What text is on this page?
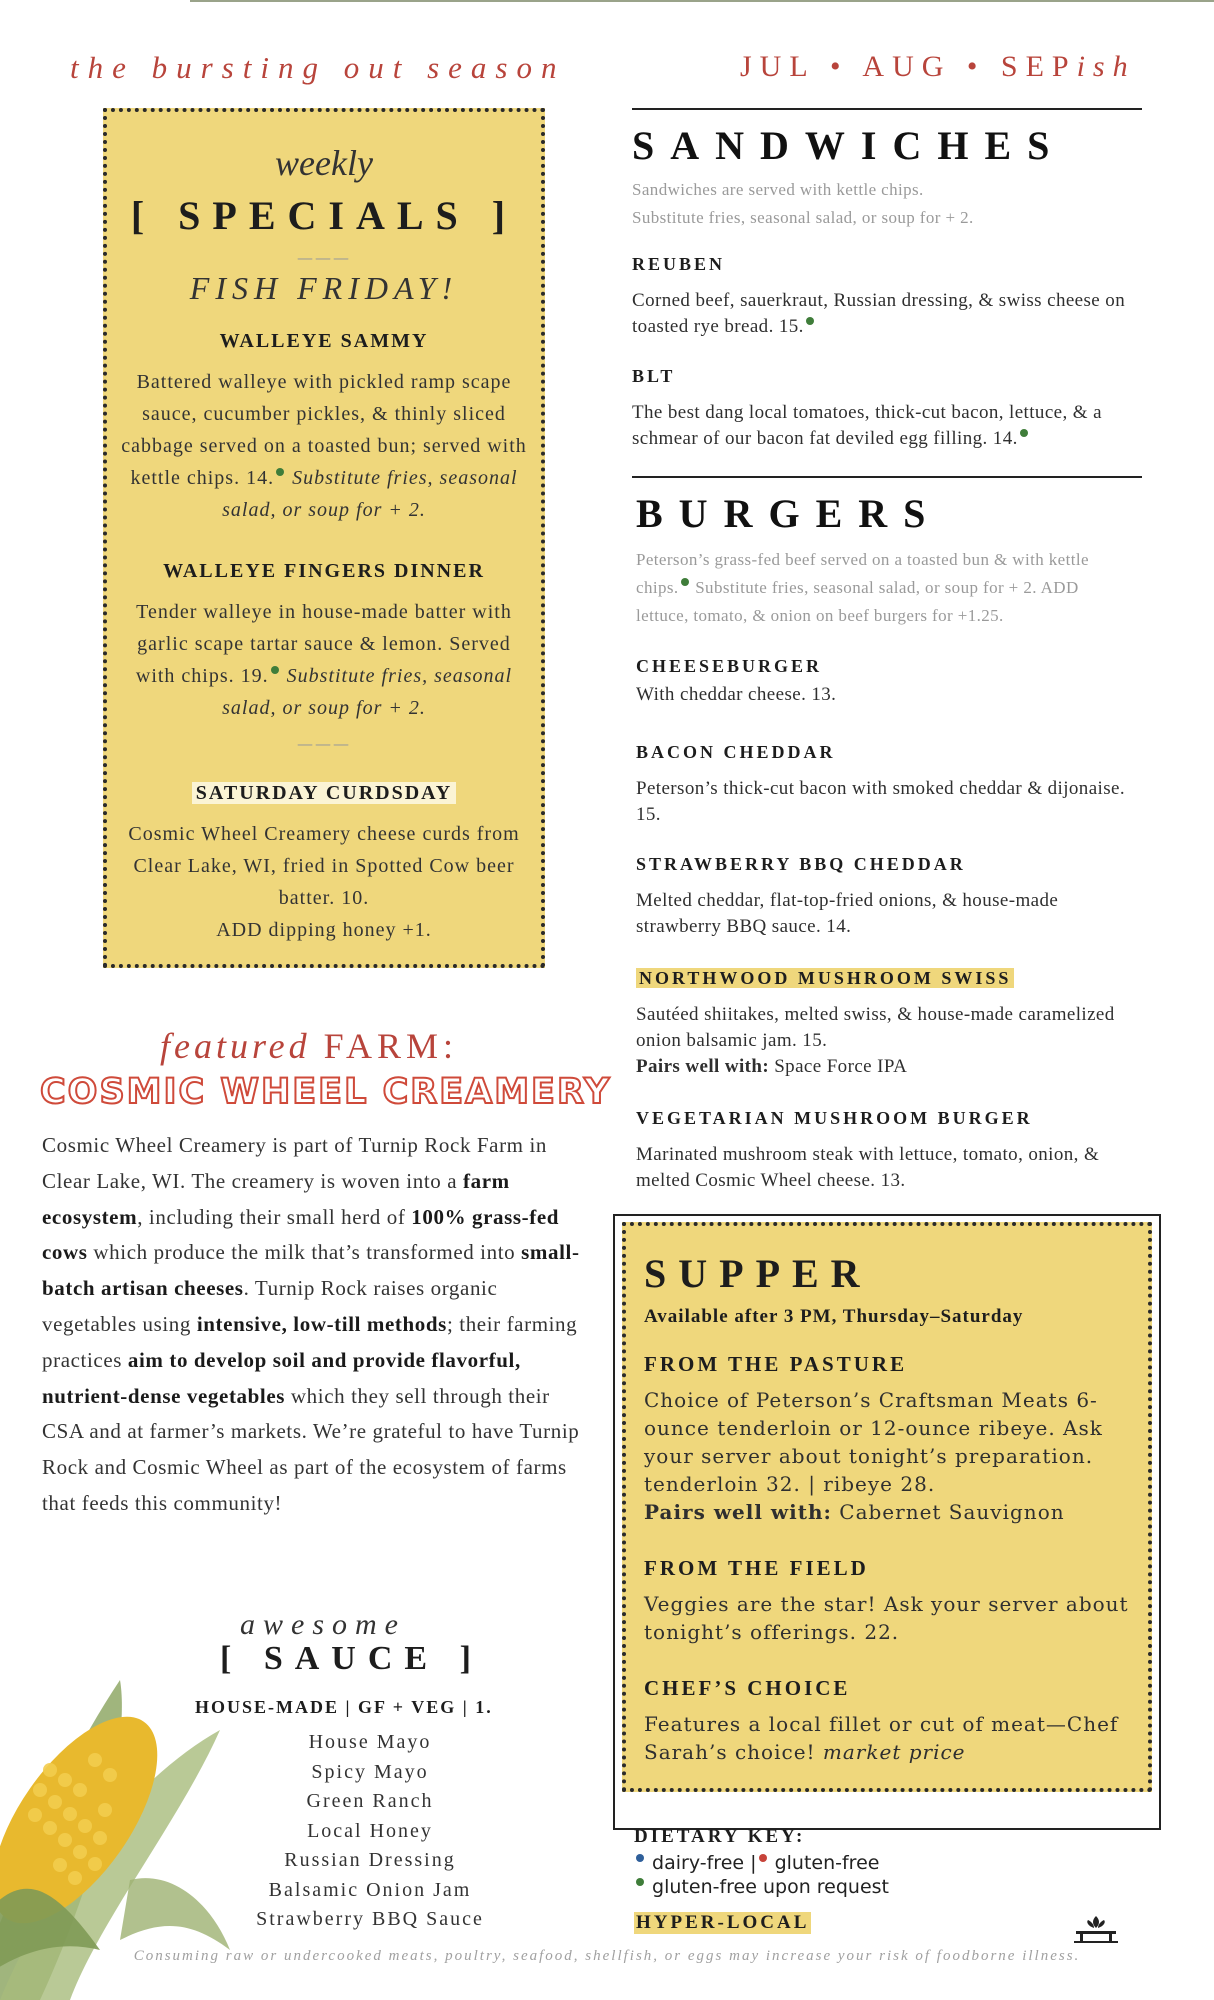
the bursting out season	JUL • AUG • SEPish
weekly
[ SPECIALS ]
———
FISH FRIDAY!
WALLEYE SAMMY
Battered walleye with pickled ramp scape sauce, cucumber pickles, & thinly sliced cabbage served on a toasted bun; served with kettle chips. 14. Substitute fries, seasonal salad, or soup for + 2.
WALLEYE FINGERS DINNER
Tender walleye in house-made batter with garlic scape tartar sauce & lemon. Served with chips. 19. Substitute fries, seasonal salad, or soup for + 2.
———
SATURDAY CURDSDAY
Cosmic Wheel Creamery cheese curds from Clear Lake, WI, fried in Spotted Cow beer batter. 10.
ADD dipping honey +1.
featured FARM:
COSMIC WHEEL CREAMERY
Cosmic Wheel Creamery is part of Turnip Rock Farm in Clear Lake, WI. The creamery is woven into a farm ecosystem, including their small herd of 100% grass-fed cows which produce the milk that’s transformed into small-batch artisan cheeses. Turnip Rock raises organic vegetables using intensive, low-till methods; their farming practices aim to develop soil and provide flavorful, nutrient-dense vegetables which they sell through their CSA and at farmer’s markets. We’re grateful to have Turnip Rock and Cosmic Wheel as part of the ecosystem of farms that feeds this community!
awesome
[ SAUCE ]
HOUSE-MADE | GF + VEG | 1.
House Mayo
Spicy Mayo
Green Ranch
Local Honey
Russian Dressing
Balsamic Onion Jam
Strawberry BBQ Sauce
SANDWICHES
Sandwiches are served with kettle chips.
Substitute fries, seasonal salad, or soup for + 2.
REUBEN
Corned beef, sauerkraut, Russian dressing, & swiss cheese on toasted rye bread. 15.
BLT
The best dang local tomatoes, thick-cut bacon, lettuce, & a schmear of our bacon fat deviled egg filling. 14.
BURGERS
Peterson’s grass-fed beef served on a toasted bun & with kettle chips. Substitute fries, seasonal salad, or soup for + 2. ADD lettuce, tomato, & onion on beef burgers for +1.25.
CHEESEBURGER
With cheddar cheese. 13.
BACON CHEDDAR
Peterson’s thick-cut bacon with smoked cheddar & dijonaise. 15.
STRAWBERRY BBQ CHEDDAR
Melted cheddar, flat-top-fried onions, & house-made strawberry BBQ sauce. 14.
NORTHWOOD MUSHROOM SWISS
Sautéed shiitakes, melted swiss, & house-made caramelized onion balsamic jam. 15.
Pairs well with: Space Force IPA
VEGETARIAN MUSHROOM BURGER
Marinated mushroom steak with lettuce, tomato, onion, & melted Cosmic Wheel cheese. 13.
SUPPER
Available after 3 PM, Thursday–Saturday
FROM THE PASTURE
Choice of Peterson’s Craftsman Meats 6-ounce tenderloin or 12-ounce ribeye. Ask your server about tonight’s preparation. tenderloin 32. | ribeye 28.
Pairs well with: Cabernet Sauvignon
FROM THE FIELD
Veggies are the star! Ask your server about tonight’s offerings. 22.
CHEF’S CHOICE
Features a local fillet or cut of meat—Chef Sarah’s choice! market price
DIETARY KEY:
dairy-free | gluten-free
gluten-free upon request
HYPER-LOCAL
Consuming raw or undercooked meats, poultry, seafood, shellfish, or eggs may increase your risk of foodborne illness.
